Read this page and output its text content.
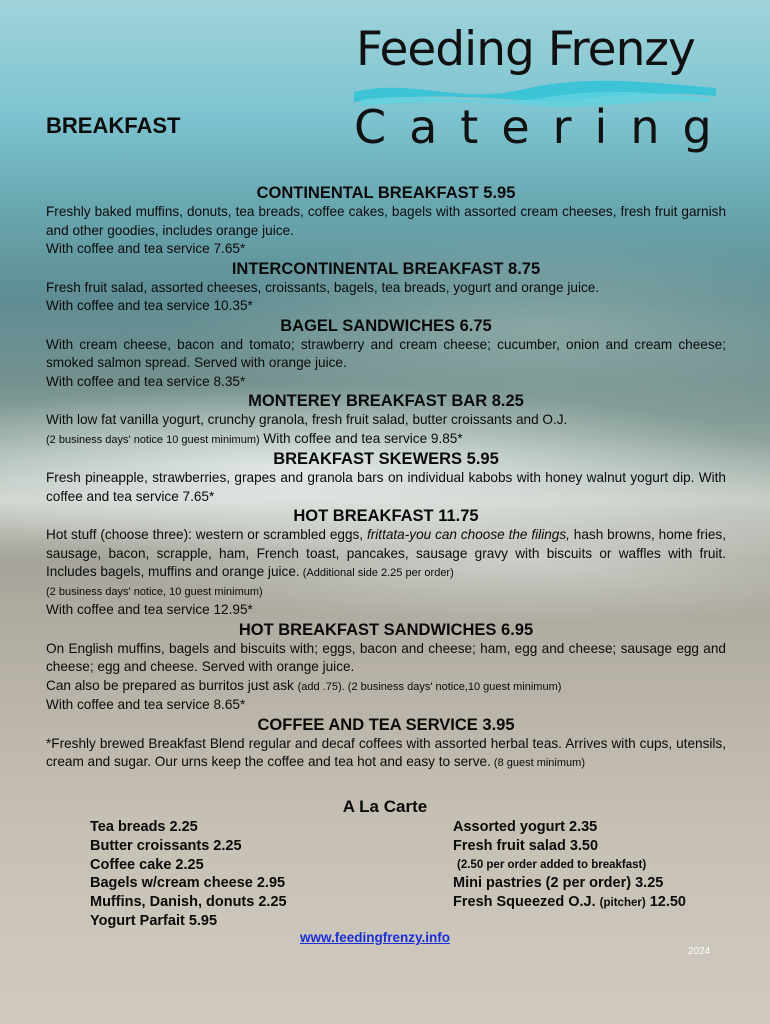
Feeding Frenzy
Catering
BREAKFAST
CONTINENTAL BREAKFAST 5.95
Freshly baked muffins, donuts, tea breads, coffee cakes, bagels with assorted cream cheeses, fresh fruit garnish and other goodies, includes orange juice.
With coffee and tea service 7.65*
INTERCONTINENTAL BREAKFAST 8.75
Fresh fruit salad, assorted cheeses, croissants, bagels, tea breads, yogurt and orange juice.
With coffee and tea service 10.35*
BAGEL SANDWICHES 6.75
With cream cheese, bacon and tomato; strawberry and cream cheese; cucumber, onion and cream cheese; smoked salmon spread. Served with orange juice.
With coffee and tea service 8.35*
MONTEREY BREAKFAST BAR 8.25
With low fat vanilla yogurt, crunchy granola, fresh fruit salad, butter croissants and O.J.
(2 business days' notice 10 guest minimum) With coffee and tea service 9.85*
BREAKFAST SKEWERS 5.95
Fresh pineapple, strawberries, grapes and granola bars on individual kabobs with honey walnut yogurt dip. With coffee and tea service 7.65*
HOT BREAKFAST 11.75
Hot stuff (choose three): western or scrambled eggs, frittata-you can choose the filings, hash browns, home fries, sausage, bacon, scrapple, ham, French toast, pancakes, sausage gravy with biscuits or waffles with fruit. Includes bagels, muffins and orange juice. (Additional side 2.25 per order)
(2 business days' notice, 10 guest minimum)
With coffee and tea service 12.95*
HOT BREAKFAST SANDWICHES 6.95
On English muffins, bagels and biscuits with; eggs, bacon and cheese; ham, egg and cheese; sausage egg and cheese; egg and cheese. Served with orange juice.
Can also be prepared as burritos just ask (add .75). (2 business days' notice,10 guest minimum)
With coffee and tea service 8.65*
COFFEE AND TEA SERVICE 3.95
*Freshly brewed Breakfast Blend regular and decaf coffees with assorted herbal teas. Arrives with cups, utensils, cream and sugar. Our urns keep the coffee and tea hot and easy to serve. (8 guest minimum)
A La Carte
Tea breads 2.25
Butter croissants 2.25
Coffee cake 2.25
Bagels w/cream cheese 2.95
Muffins, Danish, donuts 2.25
Yogurt Parfait 5.95
Assorted yogurt 2.35
Fresh fruit salad 3.50
(2.50 per order added to breakfast)
Mini pastries (2 per order) 3.25
Fresh Squeezed O.J. (pitcher) 12.50
www.feedingfrenzy.info
2024
